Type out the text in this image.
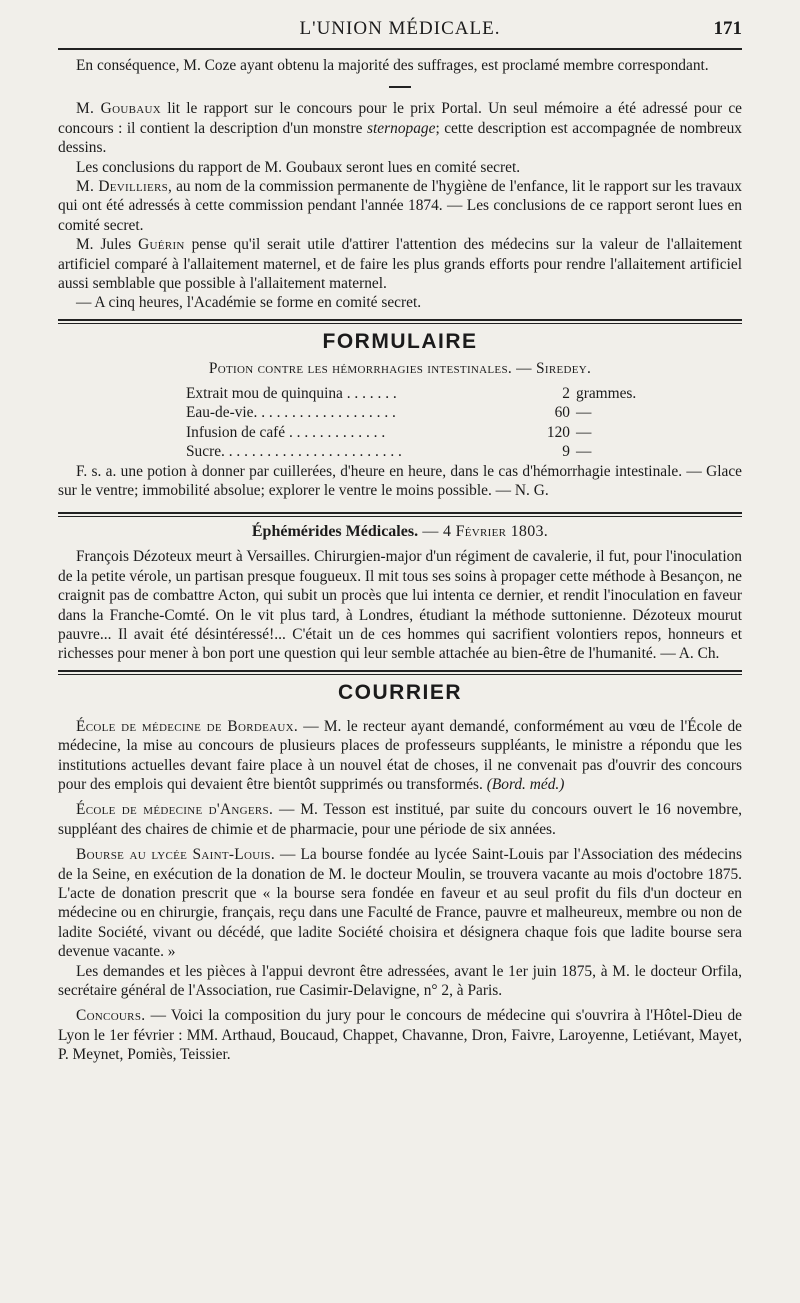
L'UNION MÉDICALE.	171

En conséquence, M. Coze ayant obtenu la majorité des suffrages, est proclamé membre correspondant.

M. Goubaux lit le rapport sur le concours pour le prix Portal. Un seul mémoire a été adressé pour ce concours : il contient la description d'un monstre sternopage; cette description est accompagnée de nombreux dessins.

Les conclusions du rapport de M. Goubaux seront lues en comité secret.

M. Devilliers, au nom de la commission permanente de l'hygiène de l'enfance, lit le rapport sur les travaux qui ont été adressés à cette commission pendant l'année 1874. — Les conclusions de ce rapport seront lues en comité secret.

M. Jules Guérin pense qu'il serait utile d'attirer l'attention des médecins sur la valeur de l'allaitement artificiel comparé à l'allaitement maternel, et de faire les plus grands efforts pour rendre l'allaitement artificiel aussi semblable que possible à l'allaitement maternel.

— A cinq heures, l'Académie se forme en comité secret.

FORMULAIRE
Potion contre les hémorrhagies intestinales. — Siredey.
Extrait mou de quinquina . . . . . . .	2 grammes.
Eau-de-vie. . . . . . . . . . . . . . . . . . .	60 —
Infusion de café . . . . . . . . . . . . .	120 —
Sucre. . . . . . . . . . . . . . . . . . . . . . . .	9 —

F. s. a. une potion à donner par cuillerées, d'heure en heure, dans le cas d'hémorrhagie intestinale. — Glace sur le ventre; immobilité absolue; explorer le ventre le moins possible. — N. G.

Éphémérides Médicales. — 4 Février 1803.

François Dézoteux meurt à Versailles. Chirurgien-major d'un régiment de cavalerie, il fut, pour l'inoculation de la petite vérole, un partisan presque fougueux. Il mit tous ses soins à propager cette méthode à Besançon, ne craignit pas de combattre Acton, qui subit un procès que lui intenta ce dernier, et rendit l'inoculation en faveur dans la Franche-Comté. On le vit plus tard, à Londres, étudiant la méthode suttonienne. Dézoteux mourut pauvre... Il avait été désintéressé!... C'était un de ces hommes qui sacrifient volontiers repos, honneurs et richesses pour mener à bon port une question qui leur semble attachée au bien-être de l'humanité. — A. Ch.

COURRIER

École de médecine de Bordeaux. — M. le recteur ayant demandé, conformément au vœu de l'École de médecine, la mise au concours de plusieurs places de professeurs suppléants, le ministre a répondu que les institutions actuelles devant faire place à un nouvel état de choses, il ne convenait pas d'ouvrir des concours pour des emplois qui devaient être bientôt supprimés ou transformés. (Bord. méd.)

École de médecine d'Angers. — M. Tesson est institué, par suite du concours ouvert le 16 novembre, suppléant des chaires de chimie et de pharmacie, pour une période de six années.

Bourse au lycée Saint-Louis. — La bourse fondée au lycée Saint-Louis par l'Association des médecins de la Seine, en exécution de la donation de M. le docteur Moulin, se trouvera vacante au mois d'octobre 1875. L'acte de donation prescrit que « la bourse sera fondée en faveur et au seul profit du fils d'un docteur en médecine ou en chirurgie, français, reçu dans une Faculté de France, pauvre et malheureux, membre ou non de ladite Société, vivant ou décédé, que ladite Société choisira et désignera chaque fois que ladite bourse sera devenue vacante. »

Les demandes et les pièces à l'appui devront être adressées, avant le 1er juin 1875, à M. le docteur Orfila, secrétaire général de l'Association, rue Casimir-Delavigne, n° 2, à Paris.

Concours. — Voici la composition du jury pour le concours de médecine qui s'ouvrira à l'Hôtel-Dieu de Lyon le 1er février : MM. Arthaud, Boucaud, Chappet, Chavanne, Dron, Faivre, Laroyenne, Letiévant, Mayet, P. Meynet, Pomiès, Teissier.
